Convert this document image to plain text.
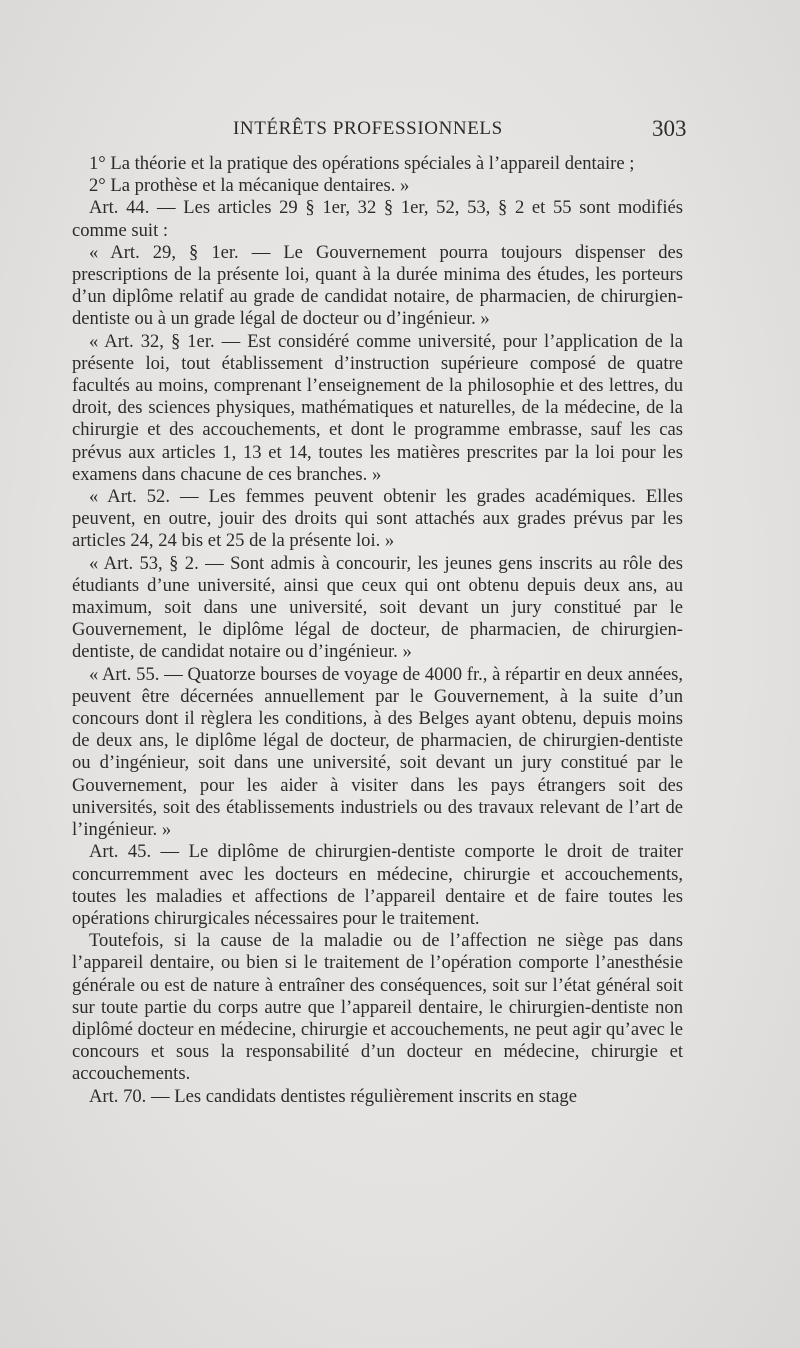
INTÉRÊTS PROFESSIONNELS	303

1° La théorie et la pratique des opérations spéciales à l’appareil dentaire ;

2° La prothèse et la mécanique dentaires. »

Art. 44. — Les articles 29 § 1er, 32 § 1er, 52, 53, § 2 et 55 sont modifiés comme suit :

« Art. 29, § 1er. — Le Gouvernement pourra toujours dispenser des prescriptions de la présente loi, quant à la durée minima des études, les porteurs d’un diplôme relatif au grade de candidat notaire, de pharmacien, de chirurgien-dentiste ou à un grade légal de docteur ou d’ingénieur. »

« Art. 32, § 1er. — Est considéré comme université, pour l’application de la présente loi, tout établissement d’instruction supérieure composé de quatre facultés au moins, comprenant l’enseignement de la philosophie et des lettres, du droit, des sciences physiques, mathématiques et naturelles, de la médecine, de la chirurgie et des accouchements, et dont le programme embrasse, sauf les cas prévus aux articles 1, 13 et 14, toutes les matières prescrites par la loi pour les examens dans chacune de ces branches. »

« Art. 52. — Les femmes peuvent obtenir les grades académiques. Elles peuvent, en outre, jouir des droits qui sont attachés aux grades prévus par les articles 24, 24 bis et 25 de la présente loi. »

« Art. 53, § 2. — Sont admis à concourir, les jeunes gens inscrits au rôle des étudiants d’une université, ainsi que ceux qui ont obtenu depuis deux ans, au maximum, soit dans une université, soit devant un jury constitué par le Gouvernement, le diplôme légal de docteur, de pharmacien, de chirurgien-dentiste, de candidat notaire ou d’ingénieur. »

« Art. 55. — Quatorze bourses de voyage de 4000 fr., à répartir en deux années, peuvent être décernées annuellement par le Gouvernement, à la suite d’un concours dont il règlera les conditions, à des Belges ayant obtenu, depuis moins de deux ans, le diplôme légal de docteur, de pharmacien, de chirurgien-dentiste ou d’ingénieur, soit dans une université, soit devant un jury constitué par le Gouvernement, pour les aider à visiter dans les pays étrangers soit des universités, soit des établissements industriels ou des travaux relevant de l’art de l’ingénieur. »

Art. 45. — Le diplôme de chirurgien-dentiste comporte le droit de traiter concurremment avec les docteurs en médecine, chirurgie et accouchements, toutes les maladies et affections de l’appareil dentaire et de faire toutes les opérations chirurgicales nécessaires pour le traitement.

Toutefois, si la cause de la maladie ou de l’affection ne siège pas dans l’appareil dentaire, ou bien si le traitement de l’opération comporte l’anesthésie générale ou est de nature à entraîner des conséquences, soit sur l’état général soit sur toute partie du corps autre que l’appareil dentaire, le chirurgien-dentiste non diplômé docteur en médecine, chirurgie et accouchements, ne peut agir qu’avec le concours et sous la responsabilité d’un docteur en médecine, chirurgie et accouchements.

Art. 70. — Les candidats dentistes régulièrement inscrits en stage
